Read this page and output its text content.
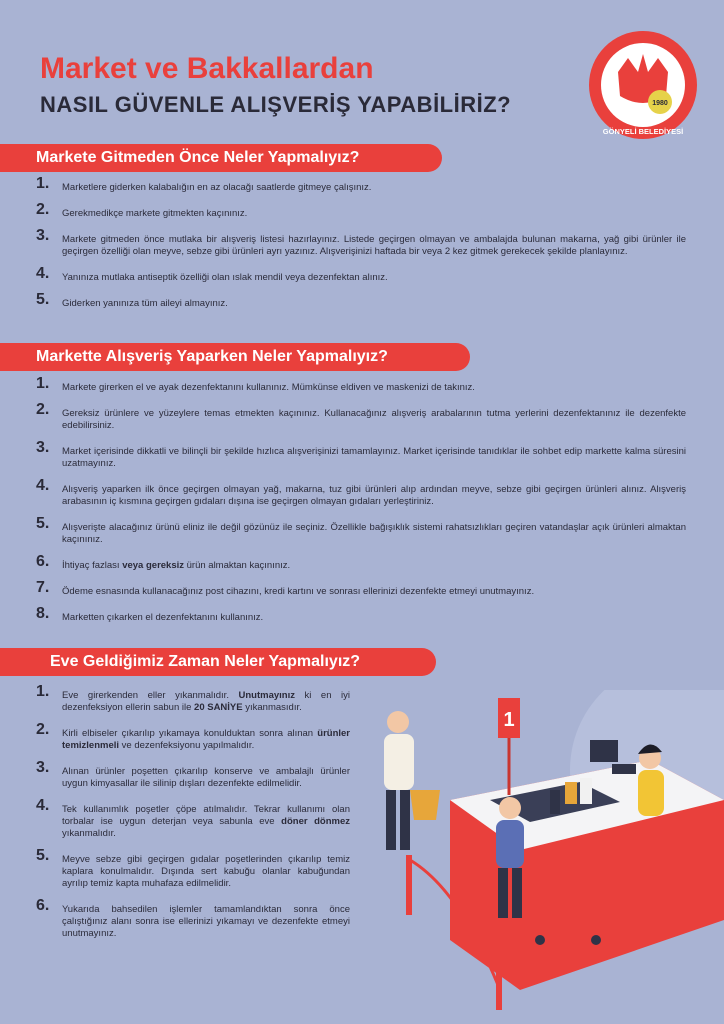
Market ve Bakkallardan
NASIL GÜVENLE ALIŞVERİŞ YAPABİLİRİZ?	1980
GÖNYELİ BELEDİYESİ
Markete Gitmeden Önce Neler Yapmalıyız?
1. Marketlere giderken kalabalığın en az olacağı saatlerde gitmeye çalışınız.
2. Gerekmedikçe markete gitmekten kaçınınız.
3. Markete gitmeden önce mutlaka bir alışveriş listesi hazırlayınız. Listede geçirgen olmayan ve ambalajda bulunan makarna, yağ gibi ürünler ile geçirgen özelliği olan meyve, sebze gibi ürünleri ayrı yazınız. Alışverişinizi haftada bir veya 2 kez gitmek gerekecek şekilde planlayınız.
4. Yanınıza mutlaka antiseptik özelliği olan ıslak mendil veya dezenfektan alınız.
5. Giderken yanınıza tüm aileyi almayınız.
Markette Alışveriş Yaparken Neler Yapmalıyız?
1. Markete girerken el ve ayak dezenfektanını kullanınız. Mümkünse eldiven ve maskenizi de takınız.
2. Gereksiz ürünlere ve yüzeylere temas etmekten kaçınınız. Kullanacağınız alışveriş arabalarının tutma yerlerini dezenfektanınız ile dezenfekte edebilirsiniz.
3. Market içerisinde dikkatli ve bilinçli bir şekilde hızlıca alışverişinizi tamamlayınız. Market içerisinde tanıdıklar ile sohbet edip markette kalma süresini uzatmayınız.
4. Alışveriş yaparken ilk önce geçirgen olmayan yağ, makarna, tuz gibi ürünleri alıp ardından meyve, sebze gibi geçirgen ürünleri alınız. Alışveriş arabasının iç kısmına geçirgen gıdaları dışına ise geçirgen olmayan gıdaları yerleştiriniz.
5. Alışverişte alacağınız ürünü eliniz ile değil gözünüz ile seçiniz. Özellikle bağışıklık sistemi rahatsızlıkları geçiren vatandaşlar açık ürünleri almaktan kaçınınız.
6. İhtiyaç fazlası veya gereksiz ürün almaktan kaçınınız.
7. Ödeme esnasında kullanacağınız post cihazını, kredi kartını ve sonrası ellerinizi dezenfekte etmeyi unutmayınız.
8. Marketten çıkarken el dezenfektanını kullanınız.
Eve Geldiğimiz Zaman Neler Yapmalıyız?
1. Eve girerkenden eller yıkanmalıdır. Unutmayınız ki en iyi dezenfeksiyon ellerin sabun ile 20 SANİYE yıkanmasıdır.
2. Kirli elbiseler çıkarılıp yıkamaya konulduktan sonra alınan ürünler temizlenmeli ve dezenfeksiyonu yapılmalıdır.
3. Alınan ürünler poşetten çıkarılıp konserve ve ambalajlı ürünler uygun kimyasallar ile silinip dışları dezenfekte edilmelidir.
4. Tek kullanımlık poşetler çöpe atılmalıdır. Tekrar kullanımı olan torbalar ise uygun deterjan veya sabunla eve döner dönmez yıkanmalıdır.
5. Meyve sebze gibi geçirgen gıdalar poşetlerinden çıkarılıp temiz kaplara konulmalıdır. Dışında sert kabuğu olanlar kabuğundan ayrılıp temiz kapta muhafaza edilmelidir.
6. Yukarıda bahsedilen işlemler tamamlandıktan sonra önce çalıştığınız alanı sonra ise ellerinizi yıkamayı ve dezenfekte etmeyi unutmayınız.
1
